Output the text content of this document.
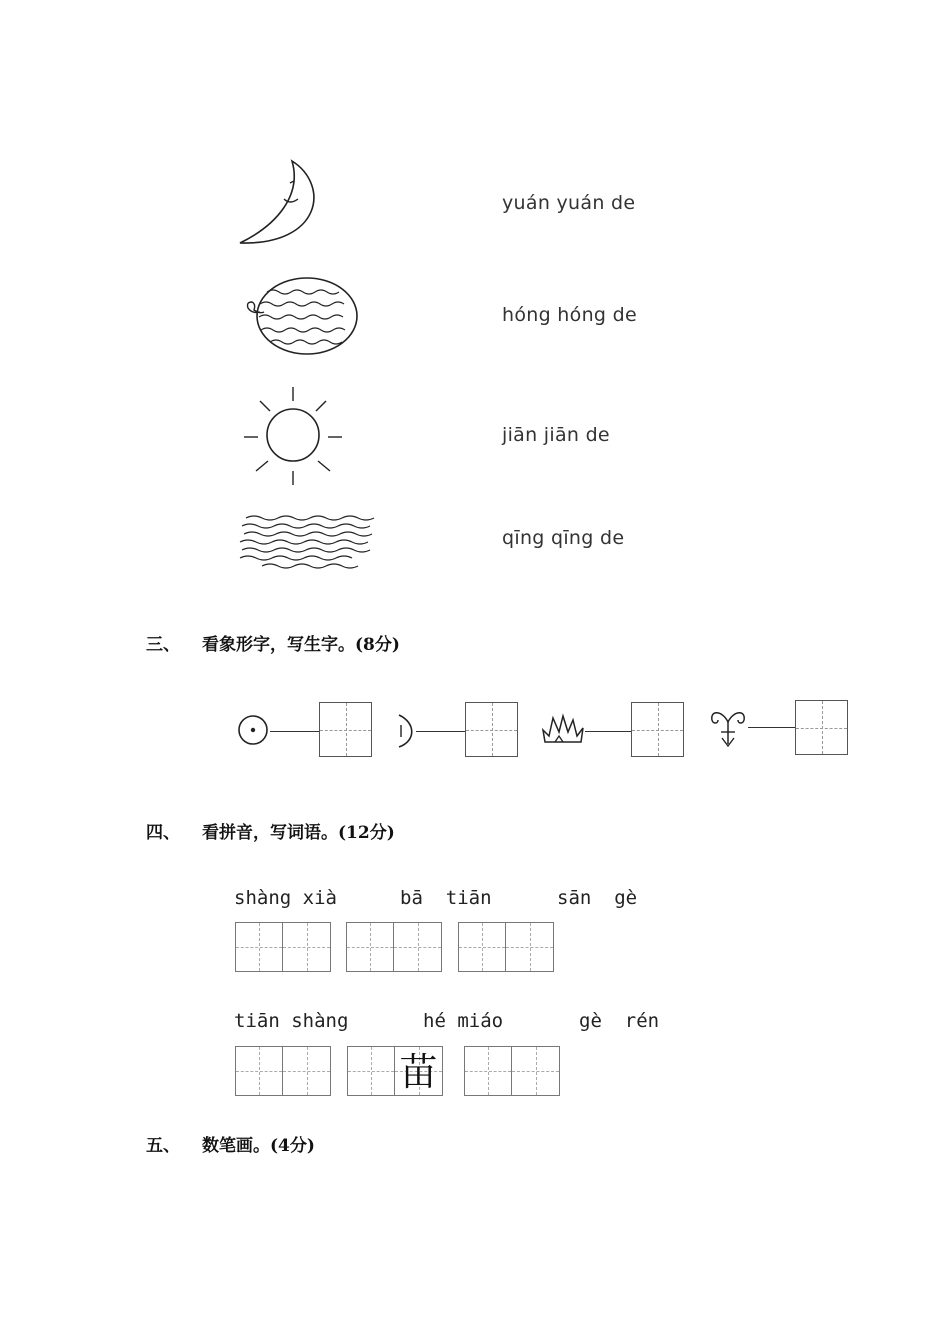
yuán yuán de
hóng hóng de
jiān jiān de
qīng qīng de
三、 看象形字，写生字。(8分)
四、 看拼音，写词语。(12分)
shàng xià	bā  tiān	sān  gè
tiān shàng	hé miáo	gè  rén
苗
五、 数笔画。(4分)
